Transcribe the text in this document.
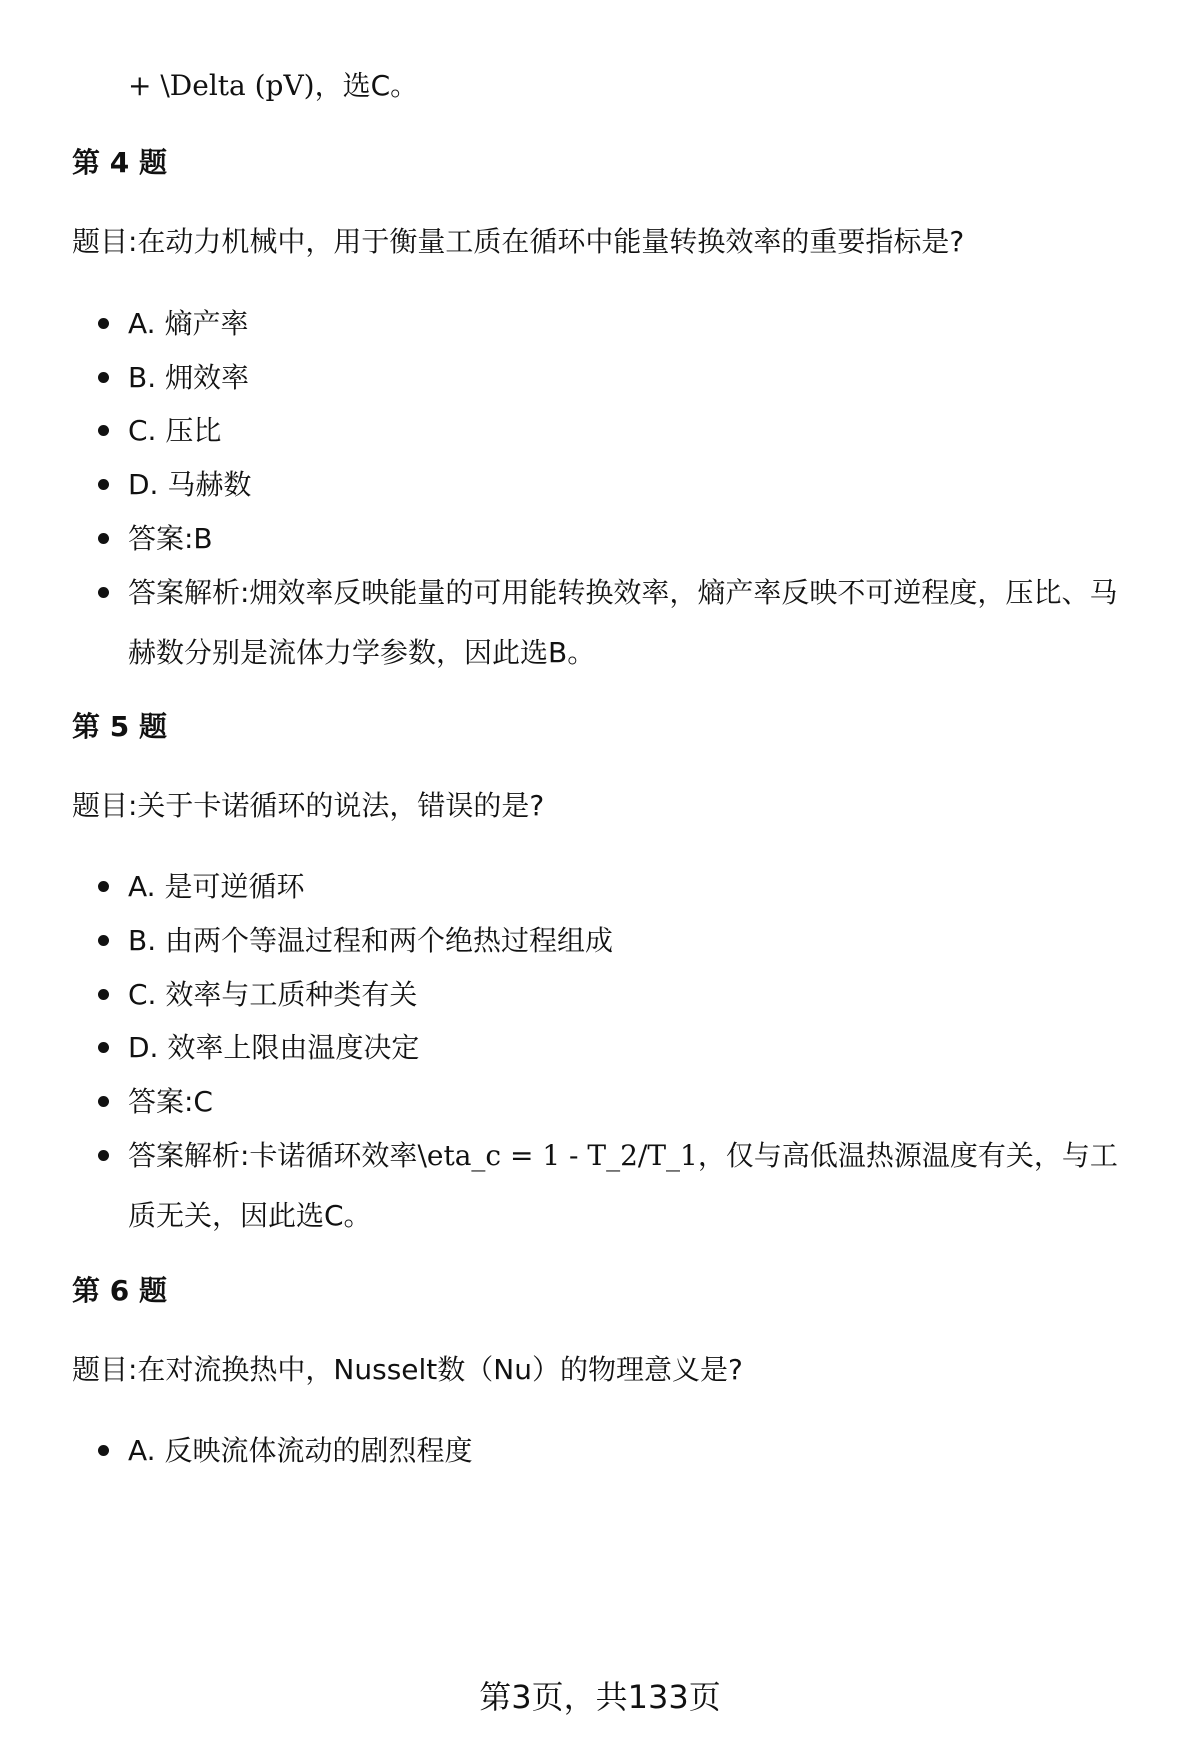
+ \Delta (pV)，选C。
第 4 题
题目:在动力机械中，用于衡量工质在循环中能量转换效率的重要指标是?
A. 熵产率
B. 㶲效率
C. 压比
D. 马赫数
答案:B
答案解析:㶲效率反映能量的可用能转换效率，熵产率反映不可逆程度，压比、马赫数分别是流体力学参数，因此选B。
第 5 题
题目:关于卡诺循环的说法，错误的是?
A. 是可逆循环
B. 由两个等温过程和两个绝热过程组成
C. 效率与工质种类有关
D. 效率上限由温度决定
答案:C
答案解析:卡诺循环效率\eta_c = 1 - T_2/T_1，仅与高低温热源温度有关，与工质无关，因此选C。
第 6 题
题目:在对流换热中，Nusselt数（Nu）的物理意义是?
A. 反映流体流动的剧烈程度
第3页，共133页
